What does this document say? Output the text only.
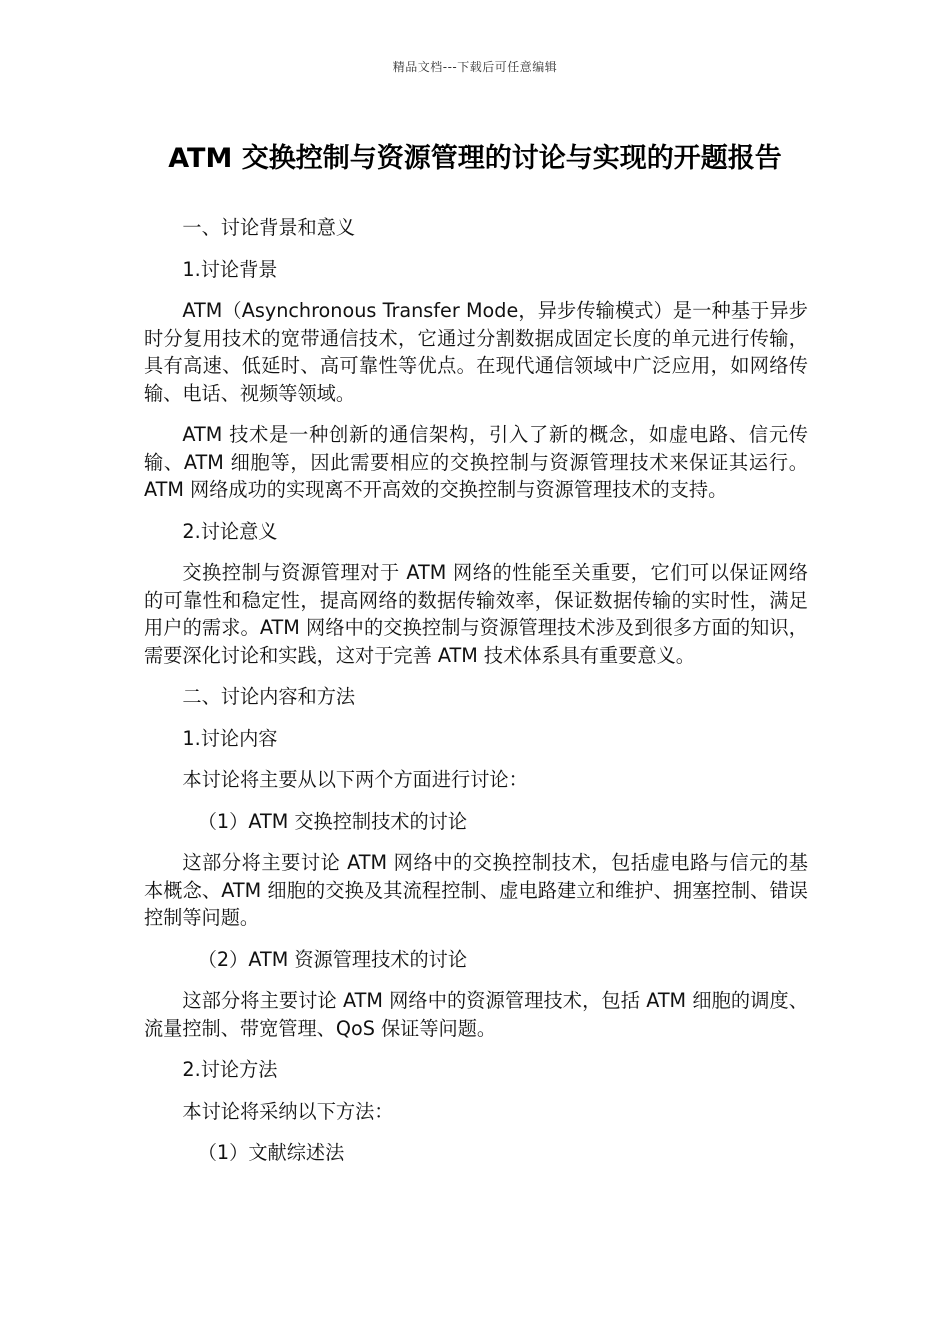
精品文档---下载后可任意编辑
ATM 交换控制与资源管理的讨论与实现的开题报告

一、讨论背景和意义

1.讨论背景

ATM（Asynchronous Transfer Mode，异步传输模式）是一种基于异步时分复用技术的宽带通信技术，它通过分割数据成固定长度的单元进行传输，具有高速、低延时、高可靠性等优点。在现代通信领域中广泛应用，如网络传输、电话、视频等领域。

ATM 技术是一种创新的通信架构，引入了新的概念，如虚电路、信元传输、ATM 细胞等，因此需要相应的交换控制与资源管理技术来保证其运行。ATM 网络成功的实现离不开高效的交换控制与资源管理技术的支持。

2.讨论意义

交换控制与资源管理对于 ATM 网络的性能至关重要，它们可以保证网络的可靠性和稳定性，提高网络的数据传输效率，保证数据传输的实时性，满足用户的需求。ATM 网络中的交换控制与资源管理技术涉及到很多方面的知识，需要深化讨论和实践，这对于完善 ATM 技术体系具有重要意义。

二、讨论内容和方法

1.讨论内容

本讨论将主要从以下两个方面进行讨论：

（1）ATM 交换控制技术的讨论

这部分将主要讨论 ATM 网络中的交换控制技术，包括虚电路与信元的基本概念、ATM 细胞的交换及其流程控制、虚电路建立和维护、拥塞控制、错误控制等问题。

（2）ATM 资源管理技术的讨论

这部分将主要讨论 ATM 网络中的资源管理技术，包括 ATM 细胞的调度、流量控制、带宽管理、QoS 保证等问题。

2.讨论方法

本讨论将采纳以下方法：

（1）文献综述法
